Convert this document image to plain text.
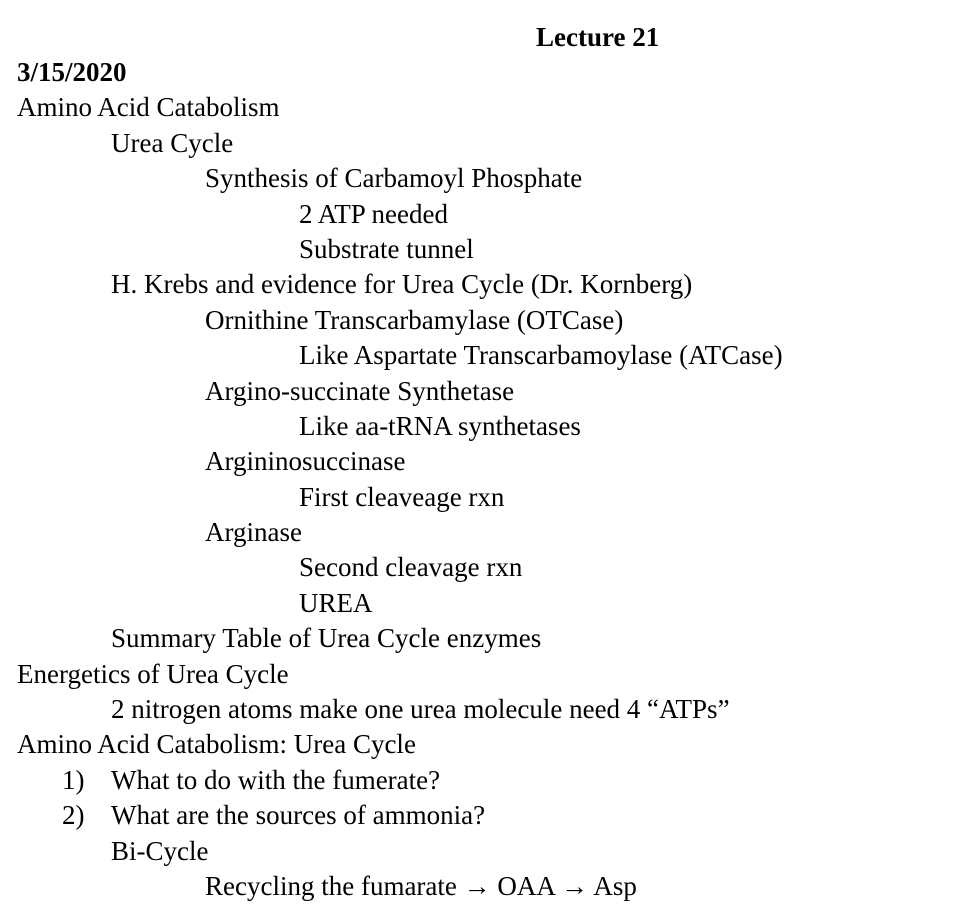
Lecture 21
3/15/2020
Amino Acid Catabolism
Urea Cycle
Synthesis of Carbamoyl Phosphate
2 ATP needed
Substrate tunnel
H. Krebs and evidence for Urea Cycle (Dr. Kornberg)
Ornithine Transcarbamylase (OTCase)
Like Aspartate Transcarbamoylase (ATCase)
Argino-succinate Synthetase
Like aa-tRNA synthetases
Argininosuccinase
First cleaveage rxn
Arginase
Second cleavage rxn
UREA
Summary Table of Urea Cycle enzymes
Energetics of Urea Cycle
2 nitrogen atoms make one urea molecule need 4 “ATPs”
Amino Acid Catabolism: Urea Cycle
1) What to do with the fumerate?
2) What are the sources of ammonia?
Bi-Cycle
Recycling the fumarate → OAA → Asp
